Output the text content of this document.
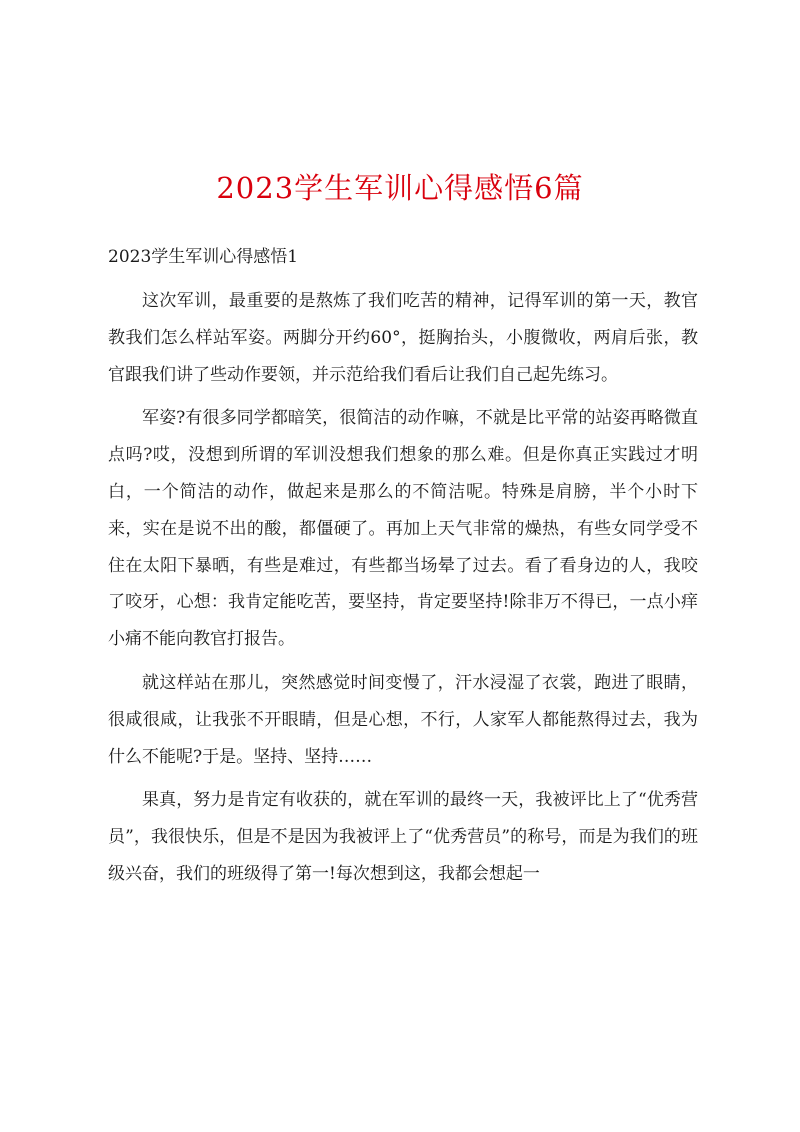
2023学生军训心得感悟6篇
2023学生军训心得感悟1

这次军训，最重要的是熬炼了我们吃苦的精神，记得军训的第一天，教官教我们怎么样站军姿。两脚分开约60°，挺胸抬头，小腹微收，两肩后张，教官跟我们讲了些动作要领，并示范给我们看后让我们自己起先练习。

军姿?有很多同学都暗笑，很简洁的动作嘛，不就是比平常的站姿再略微直点吗?哎，没想到所谓的军训没想我们想象的那么难。但是你真正实践过才明白，一个简洁的动作，做起来是那么的不简洁呢。特殊是肩膀，半个小时下来，实在是说不出的酸，都僵硬了。再加上天气非常的燥热，有些女同学受不住在太阳下暴晒，有些是难过，有些都当场晕了过去。看了看身边的人，我咬了咬牙，心想：我肯定能吃苦，要坚持，肯定要坚持!除非万不得已，一点小痒小痛不能向教官打报告。

就这样站在那儿，突然感觉时间变慢了，汗水浸湿了衣裳，跑进了眼睛，很咸很咸，让我张不开眼睛，但是心想，不行，人家军人都能熬得过去，我为什么不能呢?于是。坚持、坚持……

果真，努力是肯定有收获的，就在军训的最终一天，我被评比上了“优秀营员”，我很快乐，但是不是因为我被评上了“优秀营员”的称号，而是为我们的班级兴奋，我们的班级得了第一!每次想到这，我都会想起一
